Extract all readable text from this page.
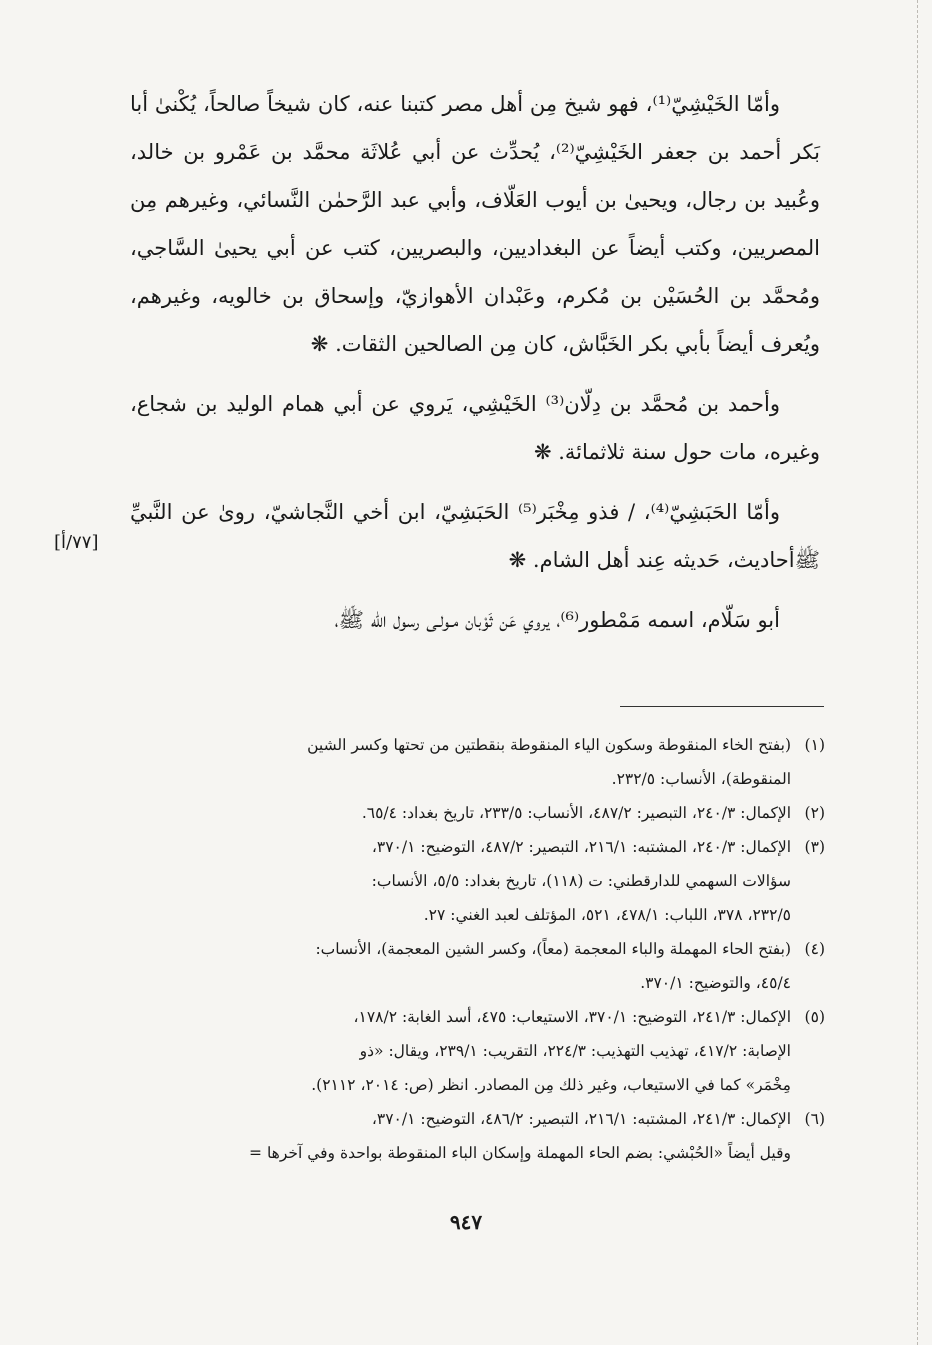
وأمّا الخَيْشِيّ⁽¹⁾، فهو شيخ مِن أهل مصر كتبنا عنه، كان شيخاً صالحاً، يُكْنىٰ أبا بَكر أحمد بن جعفر الخَيْشِيّ⁽²⁾، يُحدِّث عن أبي عُلاثَة محمَّد بن عَمْرو بن خالد، وعُبيد بن رجال، ويحيىٰ بن أيوب العَلّاف، وأبي عبد الرَّحمٰن النَّسائي، وغيرهم مِن المصريين، وكتب أيضاً عن البغداديين، والبصريين، كتب عن أبي يحيىٰ السَّاجي، ومُحمَّد بن الحُسَيْن بن مُكرم، وعَبْدان الأهوازيّ، وإسحاق بن خالويه، وغيرهم، ويُعرف أيضاً بأبي بكر الخَبَّاش، كان مِن الصالحين الثقات. ❋

وأحمد بن مُحمَّد بن دِلّان⁽³⁾ الخَيْشِي، يَروي عن أبي همام الوليد بن شجاع، وغيره، مات حول سنة ثلاثمائة. ❋

وأمّا الحَبَشِيّ⁽⁴⁾، / فذو مِخْبَر⁽⁵⁾ الحَبَشِيّ، ابن أخي النَّجاشيّ، روىٰ عن النَّبيِّ ﷺأحاديث، حَديثه عِند أهل الشام. ❋

أبو سَلّام، اسمه مَمْطور⁽⁶⁾، يروي عَن ثَوْبان مـولـى رسول الله ﷺ،

[٧٧/أ]
(١)
(بفتح الخاء المنقوطة وسكون الياء المنقوطة بنقطتين من تحتها وكسر الشين
المنقوطة)، الأنساب: ٢٣٢/٥.
(٢)
الإكمال: ٢٤٠/٣، التبصير: ٤٨٧/٢، الأنساب: ٢٣٣/٥، تاريخ بغداد: ٦٥/٤.
(٣)
الإكمال: ٢٤٠/٣، المشتبه: ٢١٦/١، التبصير: ٤٨٧/٢، التوضيح: ٣٧٠/١،
سؤالات السهمي للدارقطني: ت (١١٨)، تاريخ بغداد: ٥/٥، الأنساب:
٢٣٢/٥، ٣٧٨، اللباب: ٤٧٨/١، ٥٢١، المؤتلف لعبد الغني: ٢٧.
(٤)
(بفتح الحاء المهملة والباء المعجمة (معاً)، وكسر الشين المعجمة)، الأنساب:
٤٥/٤، والتوضيح: ٣٧٠/١.
(٥)
الإكمال: ٢٤١/٣، التوضيح: ٣٧٠/١، الاستيعاب: ٤٧٥، أسد الغابة: ١٧٨/٢،
الإصابة: ٤١٧/٢، تهذيب التهذيب: ٢٢٤/٣، التقريب: ٢٣٩/١، ويقال: «ذو
مِخْمَر» كما في الاستيعاب، وغير ذلك مِن المصادر. انظر (ص: ٢٠١٤، ٢١١٢).
(٦)
الإكمال: ٢٤١/٣، المشتبه: ٢١٦/١، التبصير: ٤٨٦/٢، التوضيح: ٣٧٠/١،
وقيل أيضاً «الحُبْشي: بضم الحاء المهملة وإسكان الباء المنقوطة بواحدة وفي آخرها =
٩٤٧
